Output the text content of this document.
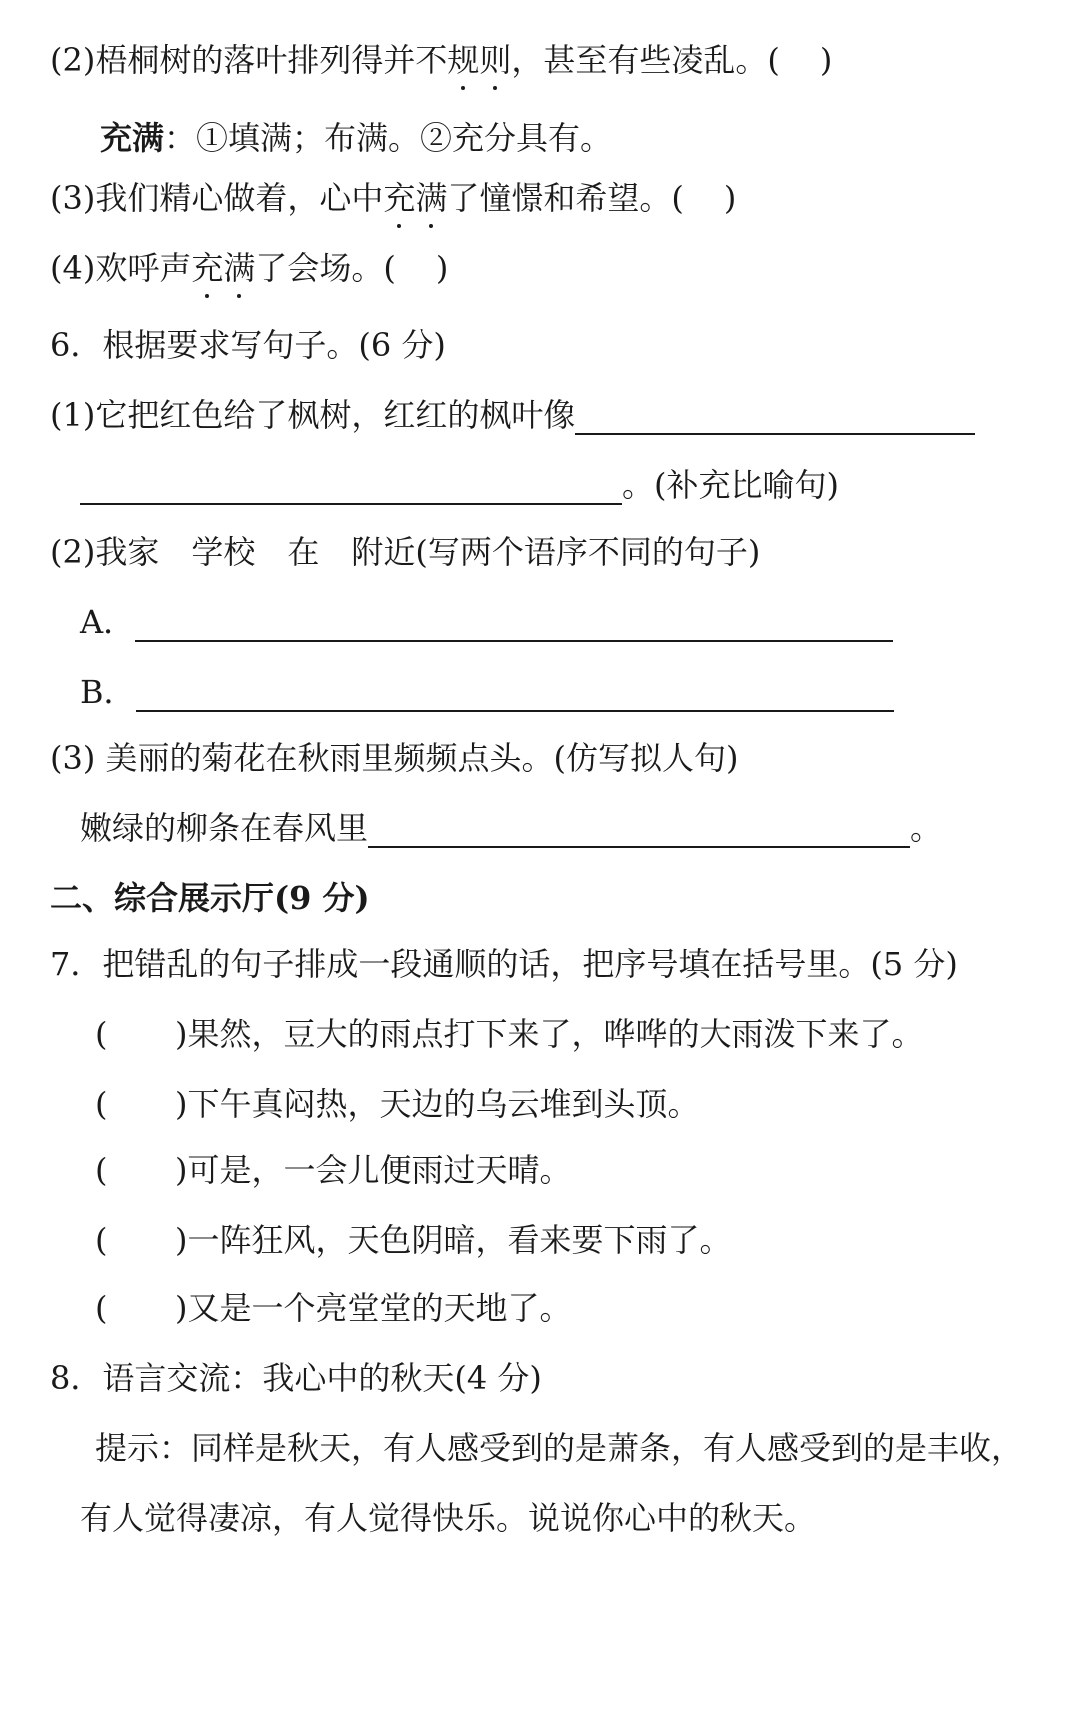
(2)梧桐树的落叶排列得并不规则，甚至有些凌乱。( )
充满：①填满；布满。②充分具有。
(3)我们精心做着，心中充满了憧憬和希望。( )
(4)欢呼声充满了会场。( )
6．根据要求写句子。(6 分)
(1)它把红色给了枫树，红红的枫叶像
。(补充比喻句)
(2)我家　学校　在　附近(写两个语序不同的句子)
A．
B．
(3) 美丽的菊花在秋雨里频频点头。(仿写拟人句)
嫩绿的柳条在春风里	。
二、综合展示厅(9 分)
7．把错乱的句子排成一段通顺的话，把序号填在括号里。(5 分)
( )果然，豆大的雨点打下来了，哗哗的大雨泼下来了。
( )下午真闷热，天边的乌云堆到头顶。
( )可是，一会儿便雨过天晴。
( )一阵狂风，天色阴暗，看来要下雨了。
( )又是一个亮堂堂的天地了。
8．语言交流：我心中的秋天(4 分)
提示：同样是秋天，有人感受到的是萧条，有人感受到的是丰收，
有人觉得凄凉，有人觉得快乐。说说你心中的秋天。
